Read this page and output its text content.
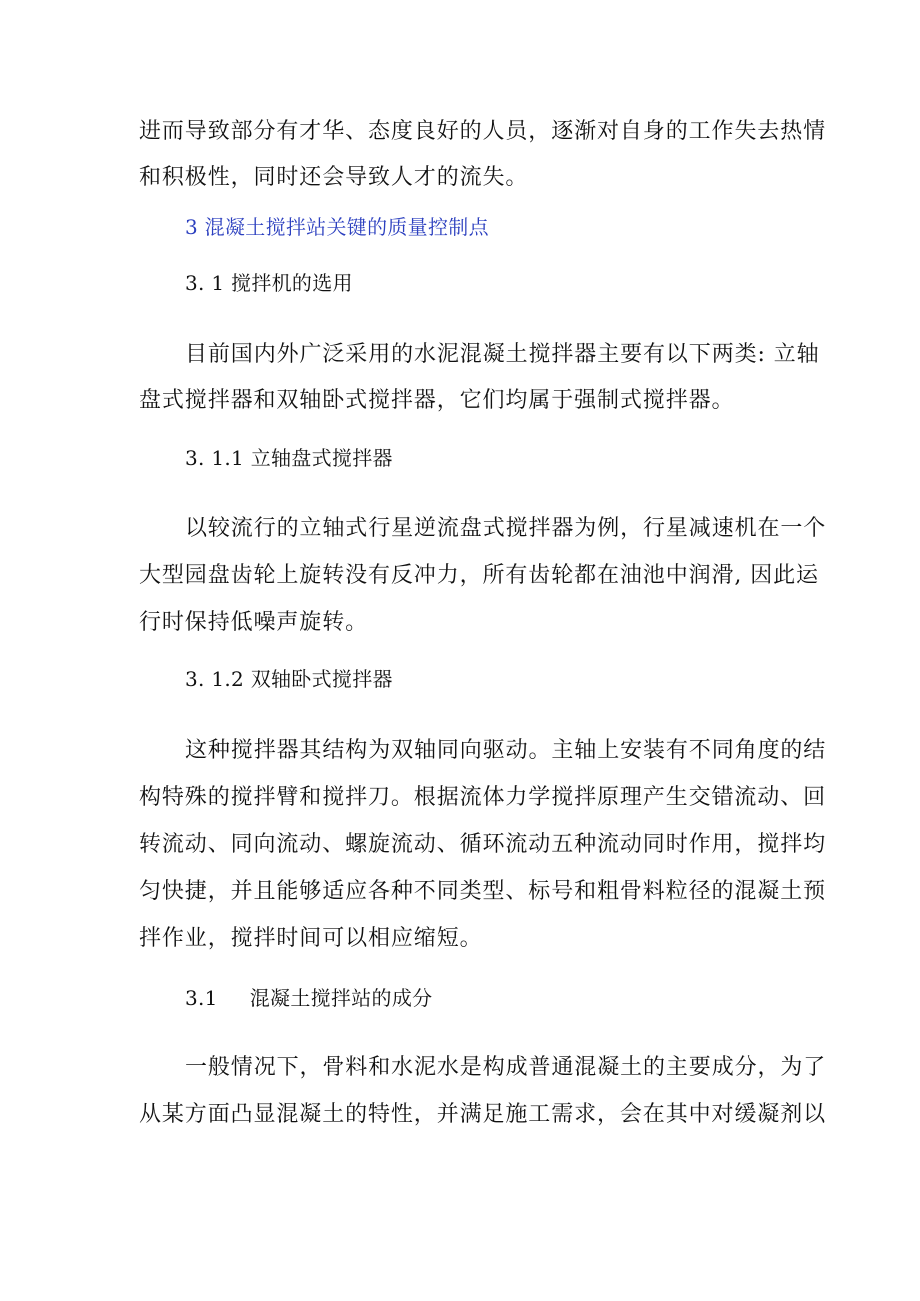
进而导致部分有才华、态度良好的人员，逐渐对自身的工作失去热情
和积极性，同时还会导致人才的流失。
3 混凝土搅拌站关键的质量控制点
3. 1 搅拌机的选用
目前国内外广泛采用的水泥混凝土搅拌器主要有以下两类: 立轴
盘式搅拌器和双轴卧式搅拌器，它们均属于强制式搅拌器。
3. 1.1 立轴盘式搅拌器
以较流行的立轴式行星逆流盘式搅拌器为例，行星减速机在一个
大型园盘齿轮上旋转没有反冲力，所有齿轮都在油池中润滑, 因此运
行时保持低噪声旋转。
3. 1.2 双轴卧式搅拌器
这种搅拌器其结构为双轴同向驱动。主轴上安装有不同角度的结
构特殊的搅拌臂和搅拌刀。根据流体力学搅拌原理产生交错流动、回
转流动、同向流动、螺旋流动、循环流动五种流动同时作用，搅拌均
匀快捷，并且能够适应各种不同类型、标号和粗骨料粒径的混凝土预
拌作业，搅拌时间可以相应缩短。
3.1 混凝土搅拌站的成分
一般情况下，骨料和水泥水是构成普通混凝土的主要成分，为了
从某方面凸显混凝土的特性，并满足施工需求，会在其中对缓凝剂以
